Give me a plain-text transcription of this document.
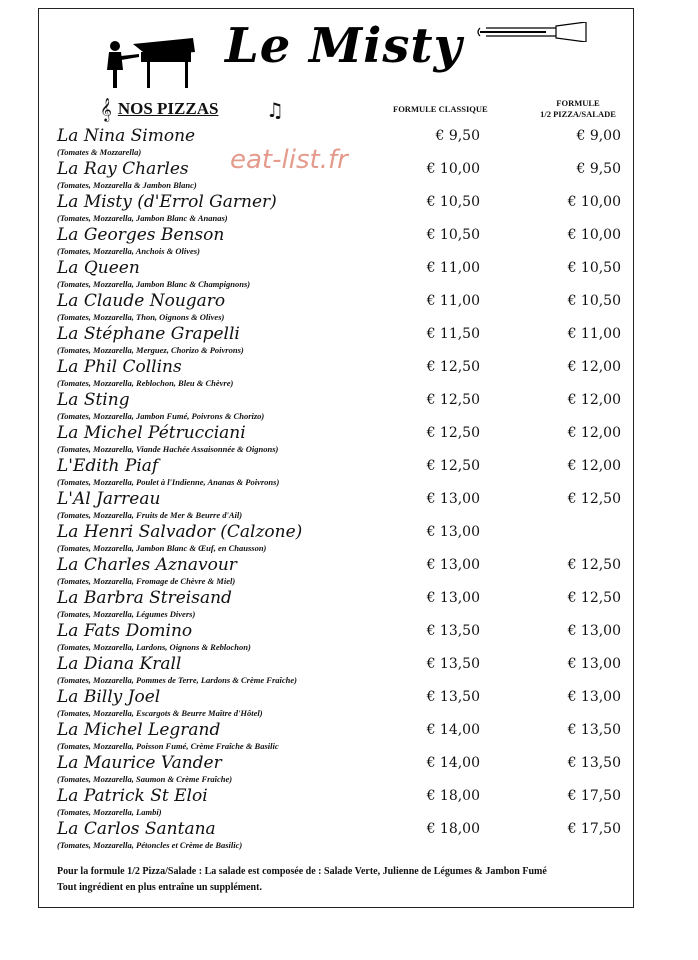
Le Misty
𝄞 NOS PIZZAS ♫	FORMULE CLASSIQUE
FORMULE
1/2 PIZZA/SALADE
eat-list.fr
La Nina Simone
(Tomates & Mozzarella)
€ 9,50	€ 9,00
La Ray Charles
(Tomates, Mozzarella & Jambon Blanc)
€ 10,00	€ 9,50
La Misty (d'Errol Garner)
(Tomates, Mozzarella, Jambon Blanc & Ananas)
€ 10,50	€ 10,00
La Georges Benson
(Tomates, Mozzarella, Anchois & Olives)
€ 10,50	€ 10,00
La Queen
(Tomates, Mozzarella, Jambon Blanc & Champignons)
€ 11,00	€ 10,50
La Claude Nougaro
(Tomates, Mozzarella, Thon, Oignons & Olives)
€ 11,00	€ 10,50
La Stéphane Grapelli
(Tomates, Mozzarella, Merguez, Chorizo & Poivrons)
€ 11,50	€ 11,00
La Phil Collins
(Tomates, Mozzarella, Reblochon, Bleu & Chèvre)
€ 12,50	€ 12,00
La Sting
(Tomates, Mozzarella, Jambon Fumé, Poivrons & Chorizo)
€ 12,50	€ 12,00
La Michel Pétrucciani
(Tomates, Mozzarella, Viande Hachée Assaisonnée & Oignons)
€ 12,50	€ 12,00
L'Edith Piaf
(Tomates, Mozzarella, Poulet à l'Indienne, Ananas & Poivrons)
€ 12,50	€ 12,00
L'Al Jarreau
(Tomates, Mozzarella, Fruits de Mer & Beurre d'Ail)
€ 13,00	€ 12,50
La Henri Salvador (Calzone)
(Tomates, Mozzarella, Jambon Blanc & Œuf, en Chausson)
€ 13,00
La Charles Aznavour
(Tomates, Mozzarella, Fromage de Chèvre & Miel)
€ 13,00	€ 12,50
La Barbra Streisand
(Tomates, Mozzarella, Légumes Divers)
€ 13,00	€ 12,50
La Fats Domino
(Tomates, Mozzarella, Lardons, Oignons & Reblochon)
€ 13,50	€ 13,00
La Diana Krall
(Tomates, Mozzarella, Pommes de Terre, Lardons & Crème Fraîche)
€ 13,50	€ 13,00
La Billy Joel
(Tomates, Mozzarella, Escargots & Beurre Maître d'Hôtel)
€ 13,50	€ 13,00
La Michel Legrand
(Tomates, Mozzarella, Poisson Fumé, Crème Fraîche & Basilic
€ 14,00	€ 13,50
La Maurice Vander
(Tomates, Mozzarella, Saumon & Crème Fraîche)
€ 14,00	€ 13,50
La Patrick St Eloi
(Tomates, Mozzarella, Lambi)
€ 18,00	€ 17,50
La Carlos Santana
(Tomates, Mozzarella, Pétoncles et Crème de Basilic)
€ 18,00	€ 17,50
Pour la formule 1/2 Pizza/Salade : La salade est composée de : Salade Verte, Julienne de Légumes & Jambon Fumé
Tout ingrédient en plus entraîne un supplément.
